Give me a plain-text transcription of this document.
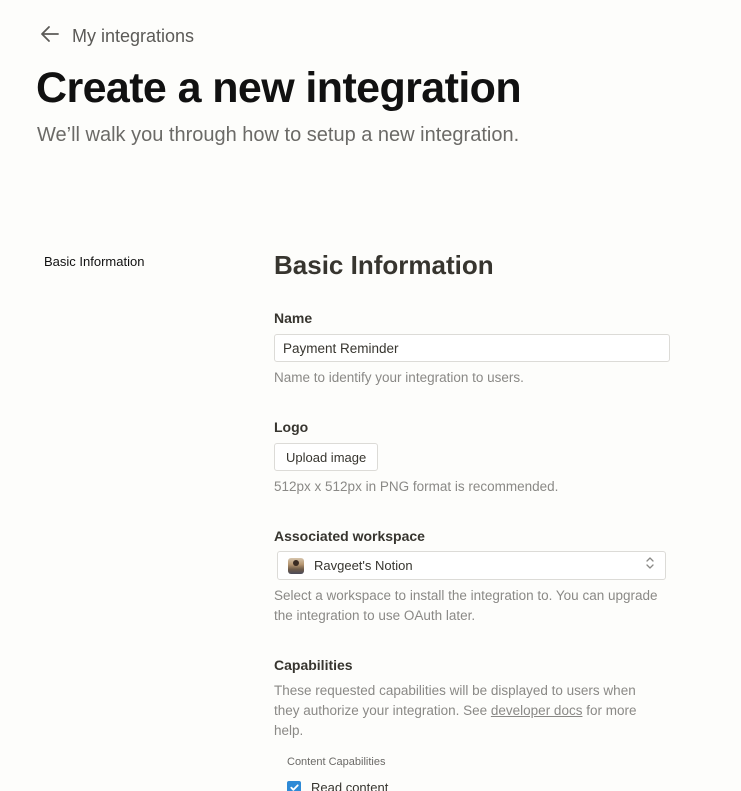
My integrations
Create a new integration
We’ll walk you through how to setup a new integration.
Basic Information	Basic Information
Name
Payment Reminder
Name to identify your integration to users.
Logo
Upload image
512px x 512px in PNG format is recommended.
Associated workspace
Ravgeet's Notion
Select a workspace to install the integration to. You can upgrade
the integration to use OAuth later.
Capabilities
These requested capabilities will be displayed to users when
they authorize your integration. See developer docs for more
help.
Content Capabilities
Read content
